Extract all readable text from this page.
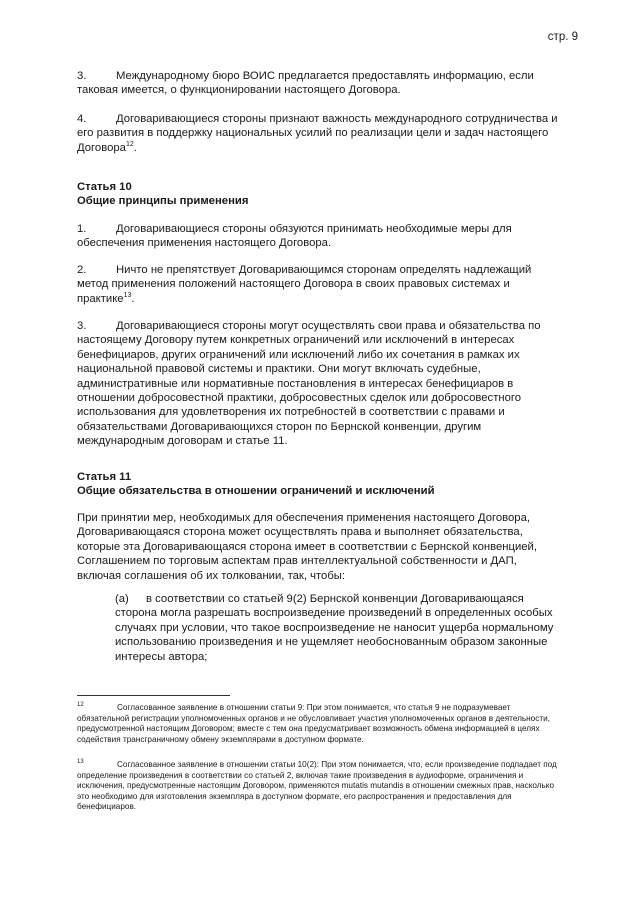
стр. 9

3.	Международному бюро ВОИС предлагается предоставлять информацию, если таковая имеется, о функционировании настоящего Договора.

4.	Договаривающиеся стороны признают важность международного сотрудничества и его развития в поддержку национальных усилий по реализации цели и задач настоящего Договора$^{12}$.

Статья 10
Общие принципы применения

1.	Договаривающиеся стороны обязуются принимать необходимые меры для обеспечения применения настоящего Договора.

2.	Ничто не препятствует Договаривающимся сторонам определять надлежащий метод применения положений настоящего Договора в своих правовых системах и практике$^{13}$.

3.	Договаривающиеся стороны могут осуществлять свои права и обязательства по настоящему Договору путем конкретных ограничений или исключений в интересах бенефициаров, других ограничений или исключений либо их сочетания в рамках их национальной правовой системы и практики. Они могут включать судебные, административные или нормативные постановления в интересах бенефициаров в отношении добросовестной практики, добросовестных сделок или добросовестного использования для удовлетворения их потребностей в соответствии с правами и обязательствами Договаривающихся сторон по Бернской конвенции, другим международным договорам и статье 11.

Статья 11
Общие обязательства в отношении ограничений и исключений

При принятии мер, необходимых для обеспечения применения настоящего Договора, Договаривающаяся сторона может осуществлять права и выполняет обязательства, которые эта Договаривающаяся сторона имеет в соответствии с Бернской конвенцией, Соглашением по торговым аспектам прав интеллектуальной собственности и ДАП, включая соглашения об их толковании, так, чтобы:

(a) в соответствии со статьей 9(2) Бернской конвенции Договаривающаяся сторона могла разрешать воспроизведение произведений в определенных особых случаях при условии, что такое воспроизведение не наносит ущерба нормальному использованию произведения и не ущемляет необоснованным образом законные интересы автора;

$^{12}$	Согласованное заявление в отношении статьи 9: При этом понимается, что статья 9 не подразумевает обязательной регистрации уполномоченных органов и не обусловливает участия уполномоченных органов в деятельности, предусмотренной настоящим Договором; вместе с тем она предусматривает возможность обмена информацией в целях содействия трансграничному обмену экземплярами в доступном формате.
$^{13}$	Согласованное заявление в отношении статьи 10(2): При этом понимается, что, если произведение подпадает под определение произведения в соответствии со статьей 2, включая такие произведения в аудиоформе, ограничения и исключения, предусмотренные настоящим Договором, применяются mutatis mutandis в отношении смежных прав, насколько это необходимо для изготовления экземпляра в доступном формате, его распространения и предоставления для бенефициаров.
